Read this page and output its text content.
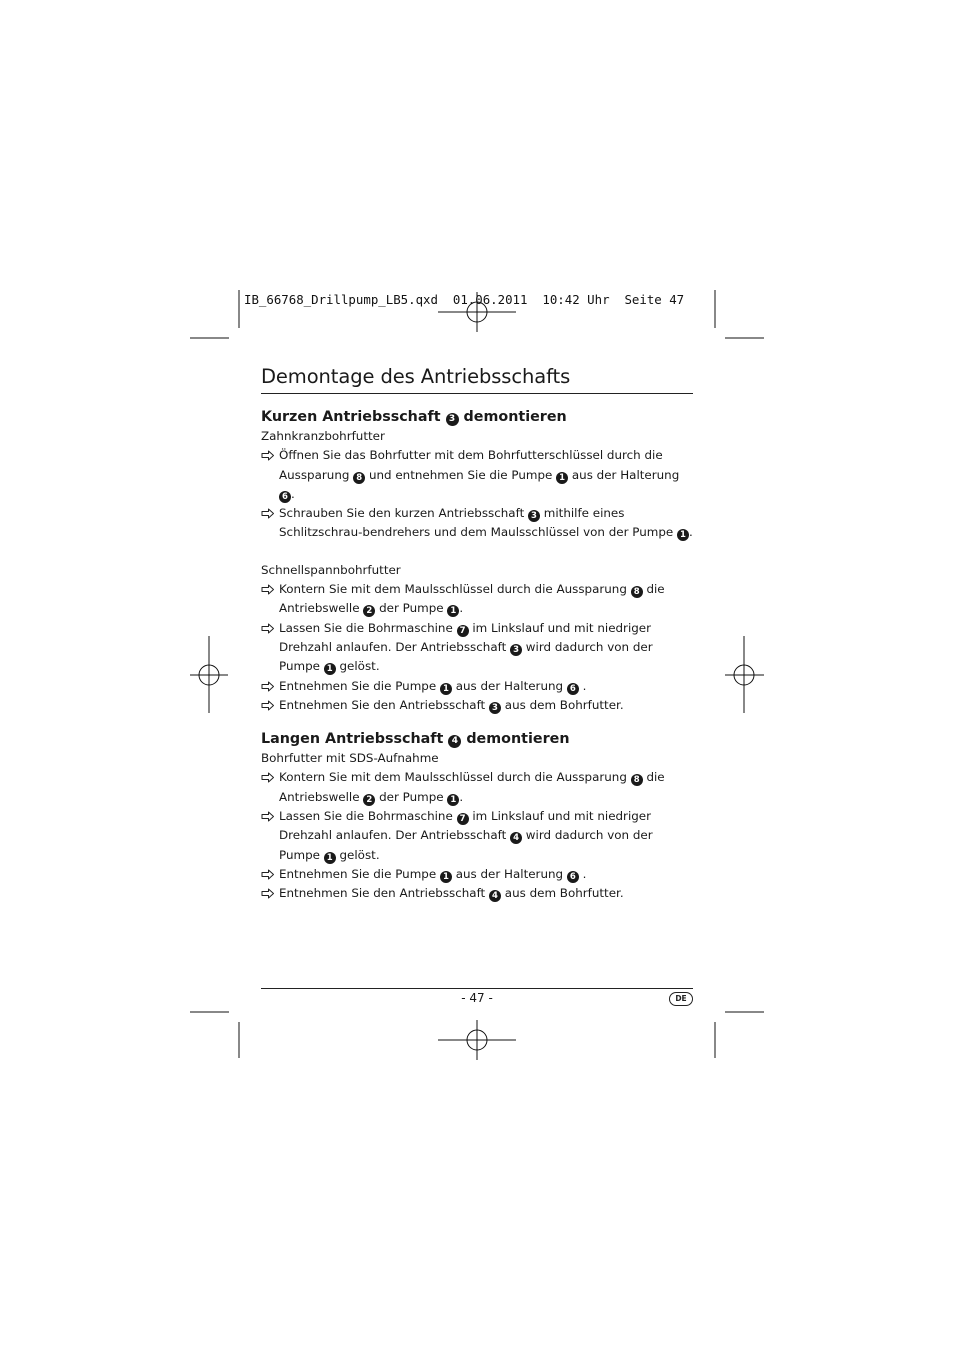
IB_66768_Drillpump_LB5.qxd  01.06.2011  10:42 Uhr  Seite 47
Demontage des Antriebsschafts
Kurzen Antriebsschaft 3 demontieren
Zahnkranzbohrfutter
Öffnen Sie das Bohrfutter mit dem Bohrfutterschlüssel durch die Aussparung 8 und entnehmen Sie die Pumpe 1 aus der Halterung 6 .
Schrauben Sie den kurzen Antriebsschaft 3 mithilfe eines Schlitzschrau-bendrehers und dem Maulsschlüssel von der Pumpe 1 .
Schnellspannbohrfutter
Kontern Sie mit dem Maulsschlüssel durch die Aussparung 8 die Antriebswelle 2 der Pumpe 1 .
Lassen Sie die Bohrmaschine 7 im Linkslauf und mit niedriger Drehzahl anlaufen. Der Antriebsschaft 3 wird dadurch von der Pumpe 1 gelöst.
Entnehmen Sie die Pumpe 1 aus der Halterung 6 .
Entnehmen Sie den Antriebsschaft 3 aus dem Bohrfutter.
Langen Antriebsschaft 4 demontieren
Bohrfutter mit SDS-Aufnahme
Kontern Sie mit dem Maulsschlüssel durch die Aussparung 8 die Antriebswelle 2 der Pumpe 1 .
Lassen Sie die Bohrmaschine 7 im Linkslauf und mit niedriger Drehzahl anlaufen. Der Antriebsschaft 4 wird dadurch von der Pumpe 1 gelöst.
Entnehmen Sie die Pumpe 1 aus der Halterung 6 .
Entnehmen Sie den Antriebsschaft 4 aus dem Bohrfutter.
- 47 -	DE
